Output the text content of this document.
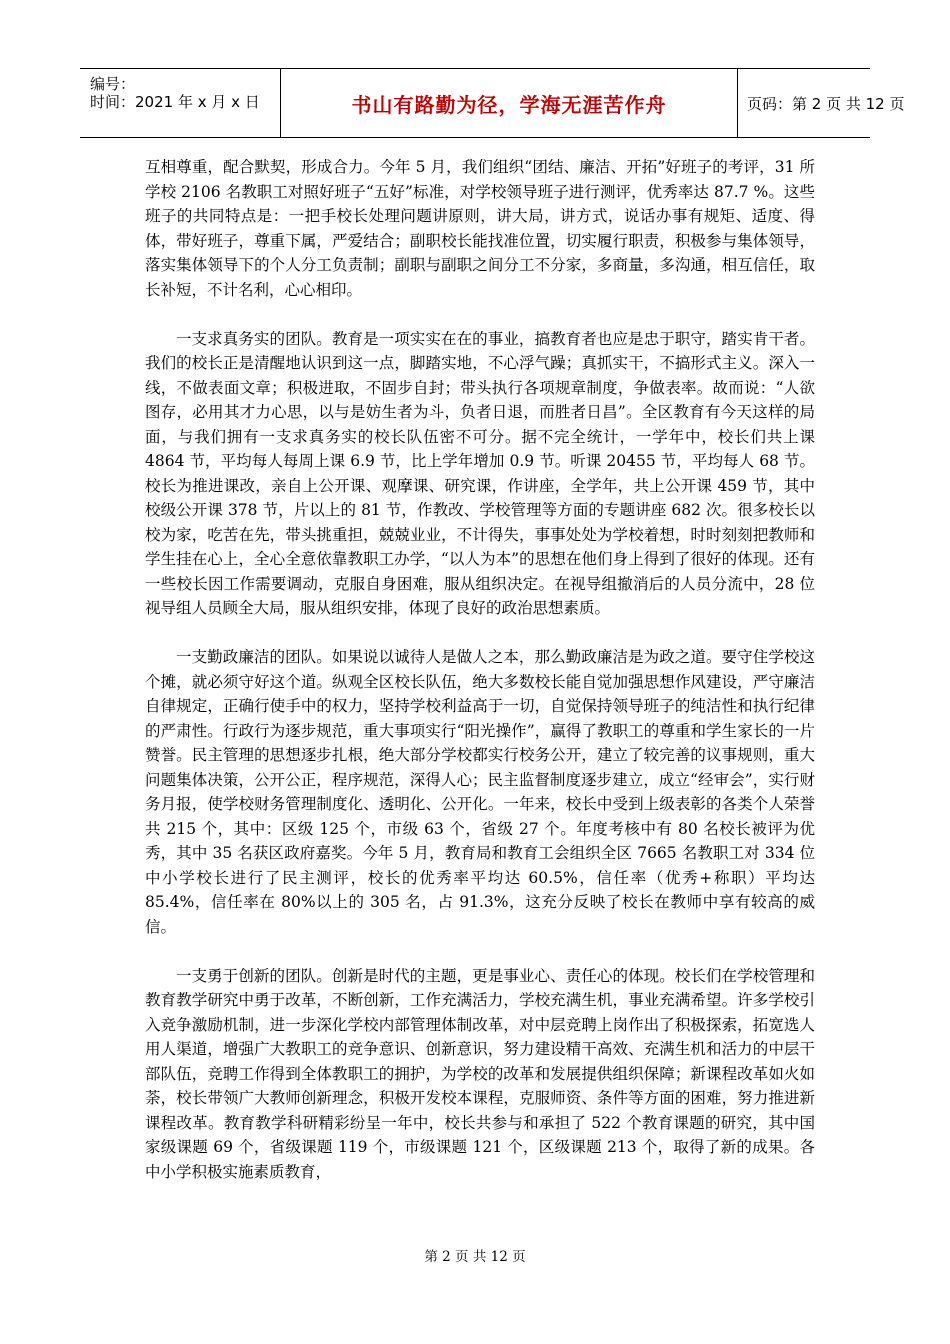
编号：
时间：2021 年 x 月 x 日	书山有路勤为径，学海无涯苦作舟	页码：第 2 页 共 12 页

互相尊重，配合默契，形成合力。今年 5 月，我们组织“团结、廉洁、开拓”好班子的考评，31 所学校 2106 名教职工对照好班子“五好”标准，对学校领导班子进行测评，优秀率达 87.7 %。这些班子的共同特点是：一把手校长处理问题讲原则，讲大局，讲方式，说话办事有规矩、适度、得体，带好班子，尊重下属，严爱结合；副职校长能找准位置，切实履行职责，积极参与集体领导，落实集体领导下的个人分工负责制；副职与副职之间分工不分家，多商量，多沟通，相互信任，取长补短，不计名利，心心相印。

一支求真务实的团队。教育是一项实实在在的事业，搞教育者也应是忠于职守，踏实肯干者。我们的校长正是清醒地认识到这一点，脚踏实地，不心浮气躁；真抓实干，不搞形式主义。深入一线，不做表面文章；积极进取，不固步自封；带头执行各项规章制度，争做表率。故而说：“人欲图存，必用其才力心思，以与是妨生者为斗，负者日退，而胜者日昌”。全区教育有今天这样的局面，与我们拥有一支求真务实的校长队伍密不可分。据不完全统计，一学年中，校长们共上课 4864 节，平均每人每周上课 6.9 节，比上学年增加 0.9 节。听课 20455 节，平均每人 68 节。校长为推进课改，亲自上公开课、观摩课、研究课，作讲座，全学年，共上公开课 459 节，其中校级公开课 378 节，片以上的 81 节，作教改、学校管理等方面的专题讲座 682 次。很多校长以校为家，吃苦在先，带头挑重担，兢兢业业，不计得失，事事处处为学校着想，时时刻刻把教师和学生挂在心上，全心全意依靠教职工办学，“以人为本”的思想在他们身上得到了很好的体现。还有一些校长因工作需要调动，克服自身困难，服从组织决定。在视导组撤消后的人员分流中，28 位视导组人员顾全大局，服从组织安排，体现了良好的政治思想素质。

一支勤政廉洁的团队。如果说以诚待人是做人之本，那么勤政廉洁是为政之道。要守住学校这个摊，就必须守好这个道。纵观全区校长队伍，绝大多数校长能自觉加强思想作风建设，严守廉洁自律规定，正确行使手中的权力，坚持学校利益高于一切，自觉保持领导班子的纯洁性和执行纪律的严肃性。行政行为逐步规范，重大事项实行“阳光操作”，赢得了教职工的尊重和学生家长的一片赞誉。民主管理的思想逐步扎根，绝大部分学校都实行校务公开，建立了较完善的议事规则，重大问题集体决策，公开公正，程序规范，深得人心；民主监督制度逐步建立，成立“经审会”，实行财务月报，使学校财务管理制度化、透明化、公开化。一年来，校长中受到上级表彰的各类个人荣誉共 215 个，其中：区级 125 个，市级 63 个，省级 27 个。年度考核中有 80 名校长被评为优秀，其中 35 名获区政府嘉奖。今年 5 月，教育局和教育工会组织全区 7665 名教职工对 334 位中小学校长进行了民主测评，校长的优秀率平均达 60.5%，信任率（优秀+称职）平均达 85.4%，信任率在 80%以上的 305 名，占 91.3%，这充分反映了校长在教师中享有较高的威信。

一支勇于创新的团队。创新是时代的主题，更是事业心、责任心的体现。校长们在学校管理和教育教学研究中勇于改革，不断创新，工作充满活力，学校充满生机，事业充满希望。许多学校引入竞争激励机制，进一步深化学校内部管理体制改革，对中层竞聘上岗作出了积极探索，拓宽选人用人渠道，增强广大教职工的竞争意识、创新意识，努力建设精干高效、充满生机和活力的中层干部队伍，竞聘工作得到全体教职工的拥护，为学校的改革和发展提供组织保障；新课程改革如火如荼，校长带领广大教师创新理念，积极开发校本课程，克服师资、条件等方面的困难，努力推进新课程改革。教育教学科研精彩纷呈一年中，校长共参与和承担了 522 个教育课题的研究，其中国家级课题 69 个，省级课题 119 个，市级课题 121 个，区级课题 213 个，取得了新的成果。各中小学积极实施素质教育，

第 2 页 共 12 页
